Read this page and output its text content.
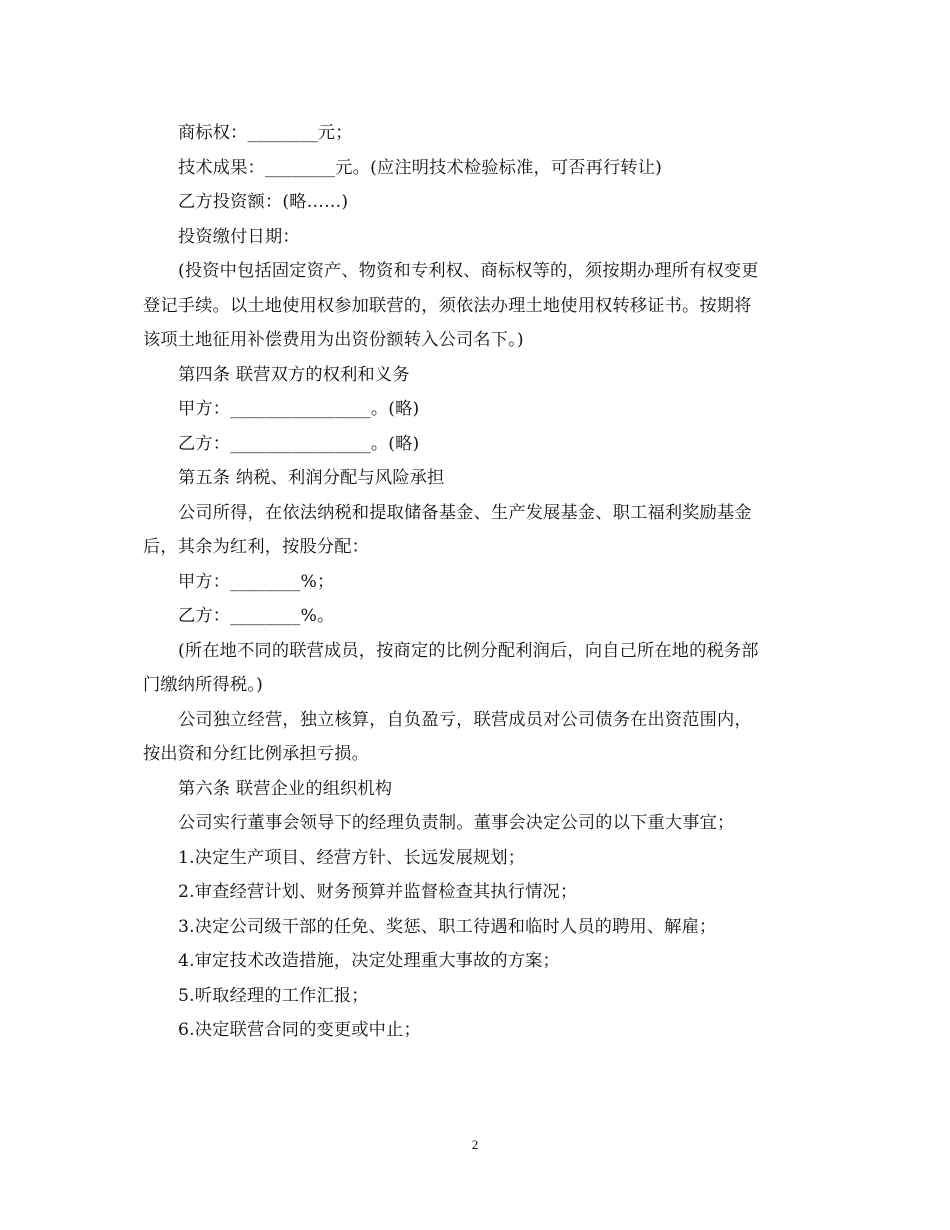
商标权：________元；
技术成果：________元。(应注明技术检验标准，可否再行转让)
乙方投资额：(略……)
投资缴付日期：
(投资中包括固定资产、物资和专利权、商标权等的，须按期办理所有权变更
登记手续。以土地使用权参加联营的，须依法办理土地使用权转移证书。按期将
该项土地征用补偿费用为出资份额转入公司名下。)
第四条 联营双方的权利和义务
甲方：________________。(略)
乙方：________________。(略)
第五条 纳税、利润分配与风险承担
公司所得，在依法纳税和提取储备基金、生产发展基金、职工福利奖励基金
后，其余为红利，按股分配：
甲方：________%；
乙方：________%。
(所在地不同的联营成员，按商定的比例分配利润后，向自己所在地的税务部
门缴纳所得税。)
公司独立经营，独立核算，自负盈亏，联营成员对公司债务在出资范围内，
按出资和分红比例承担亏损。
第六条 联营企业的组织机构
公司实行董事会领导下的经理负责制。董事会决定公司的以下重大事宜；
1.决定生产项目、经营方针、长远发展规划；
2.审查经营计划、财务预算并监督检查其执行情况；
3.决定公司级干部的任免、奖惩、职工待遇和临时人员的聘用、解雇；
4.审定技术改造措施，决定处理重大事故的方案；
5.听取经理的工作汇报；
6.决定联营合同的变更或中止；
2
